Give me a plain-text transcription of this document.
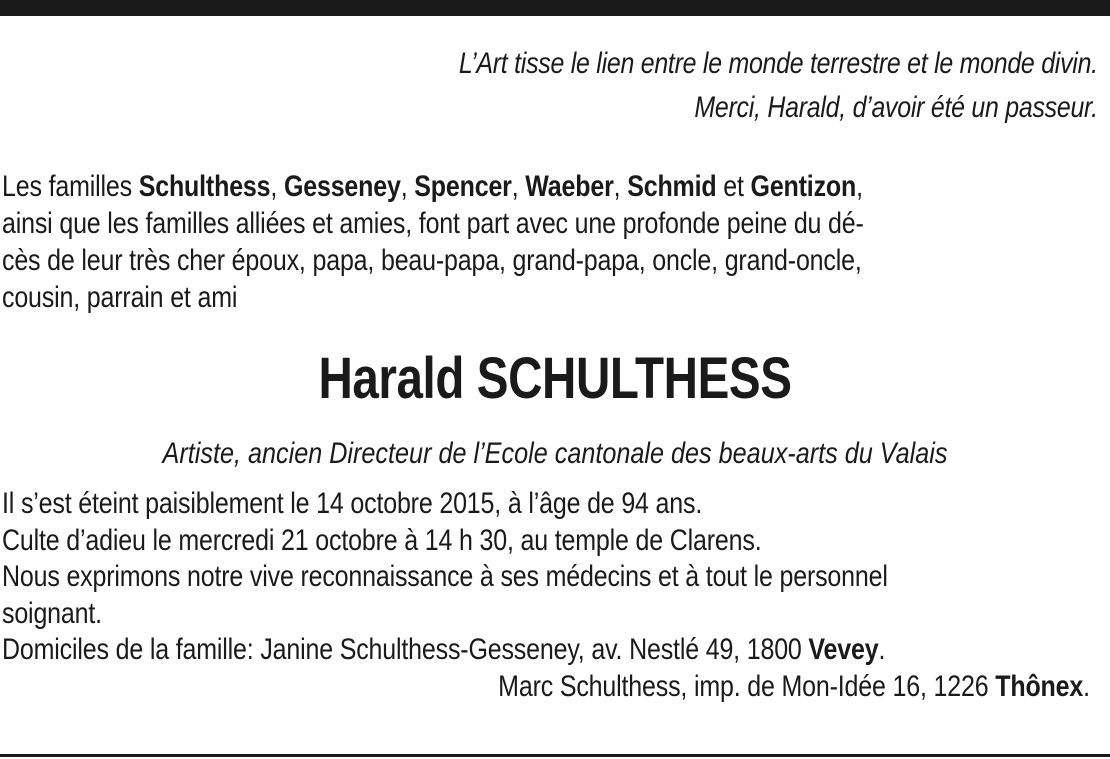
L’Art tisse le lien entre le monde terrestre et le monde divin.
Merci, Harald, d’avoir été un passeur.
Les familles Schulthess, Gesseney, Spencer, Waeber, Schmid et Gentizon,
ainsi que les familles alliées et amies, font part avec une profonde peine du dé-
cès de leur très cher époux, papa, beau-papa, grand-papa, oncle, grand-oncle,
cousin, parrain et ami
Harald SCHULTHESS
Artiste, ancien Directeur de l’Ecole cantonale des beaux-arts du Valais
Il s’est éteint paisiblement le 14 octobre 2015, à l’âge de 94 ans.
Culte d’adieu le mercredi 21 octobre à 14 h 30, au temple de Clarens.
Nous exprimons notre vive reconnaissance à ses médecins et à tout le personnel
soignant.
Domiciles de la famille: Janine Schulthess-Gesseney, av. Nestlé 49, 1800 Vevey.
Marc Schulthess, imp. de Mon-Idée 16, 1226 Thônex.
